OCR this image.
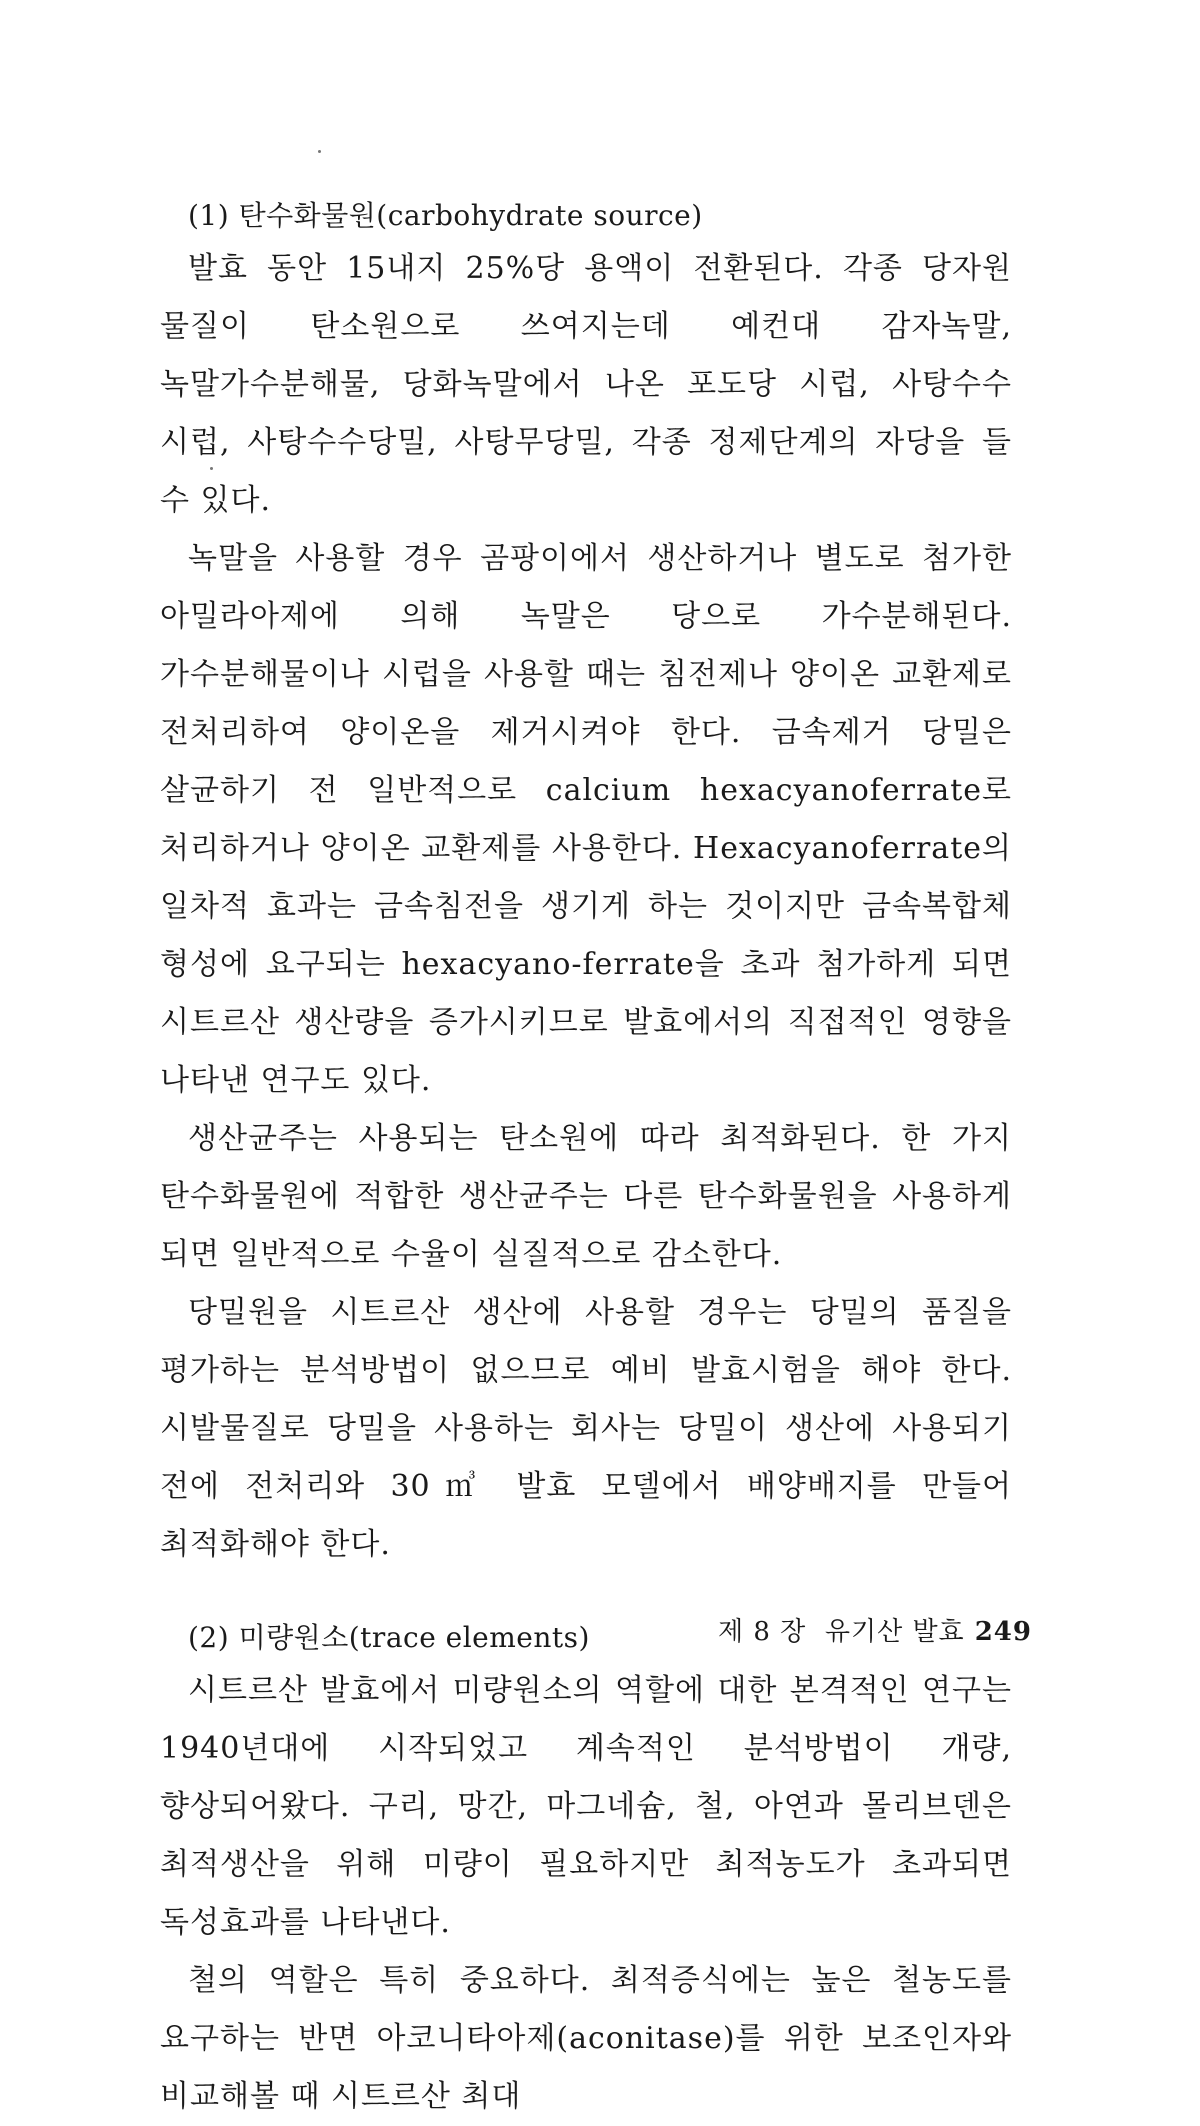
(1) 탄수화물원(carbohydrate source)

발효 동안 15내지 25%당 용액이 전환된다. 각종 당자원 물질이 탄소원으로 쓰여지는데 예컨대 감자녹말, 녹말가수분해물, 당화녹말에서 나온 포도당 시럽, 사탕수수 시럽, 사탕수수당밀, 사탕무당밀, 각종 정제단계의 자당을 들 수 있다.

녹말을 사용할 경우 곰팡이에서 생산하거나 별도로 첨가한 아밀라아제에 의해 녹말은 당으로 가수분해된다. 가수분해물이나 시럽을 사용할 때는 침전제나 양이온 교환제로 전처리하여 양이온을 제거시켜야 한다. 금속제거 당밀은 살균하기 전 일반적으로 calcium hexacyanoferrate로 처리하거나 양이온 교환제를 사용한다. Hexacyanoferrate의 일차적 효과는 금속침전을 생기게 하는 것이지만 금속복합체 형성에 요구되는 hexacyano-ferrate을 초과 첨가하게 되면 시트르산 생산량을 증가시키므로 발효에서의 직접적인 영향을 나타낸 연구도 있다.

생산균주는 사용되는 탄소원에 따라 최적화된다. 한 가지 탄수화물원에 적합한 생산균주는 다른 탄수화물원을 사용하게 되면 일반적으로 수율이 실질적으로 감소한다.

당밀원을 시트르산 생산에 사용할 경우는 당밀의 품질을 평가하는 분석방법이 없으므로 예비 발효시험을 해야 한다. 시발물질로 당밀을 사용하는 회사는 당밀이 생산에 사용되기 전에 전처리와 30㎥ 발효 모델에서 배양배지를 만들어 최적화해야 한다.

(2) 미량원소(trace elements)

시트르산 발효에서 미량원소의 역할에 대한 본격적인 연구는 1940년대에 시작되었고 계속적인 분석방법이 개량, 향상되어왔다. 구리, 망간, 마그네슘, 철, 아연과 몰리브덴은 최적생산을 위해 미량이 필요하지만 최적농도가 초과되면 독성효과를 나타낸다.

철의 역할은 특히 중요하다. 최적증식에는 높은 철농도를 요구하는 반면 아코니타아제(aconitase)를 위한 보조인자와 비교해볼 때 시트르산 최대

제 8 장  유기산 발효 249
